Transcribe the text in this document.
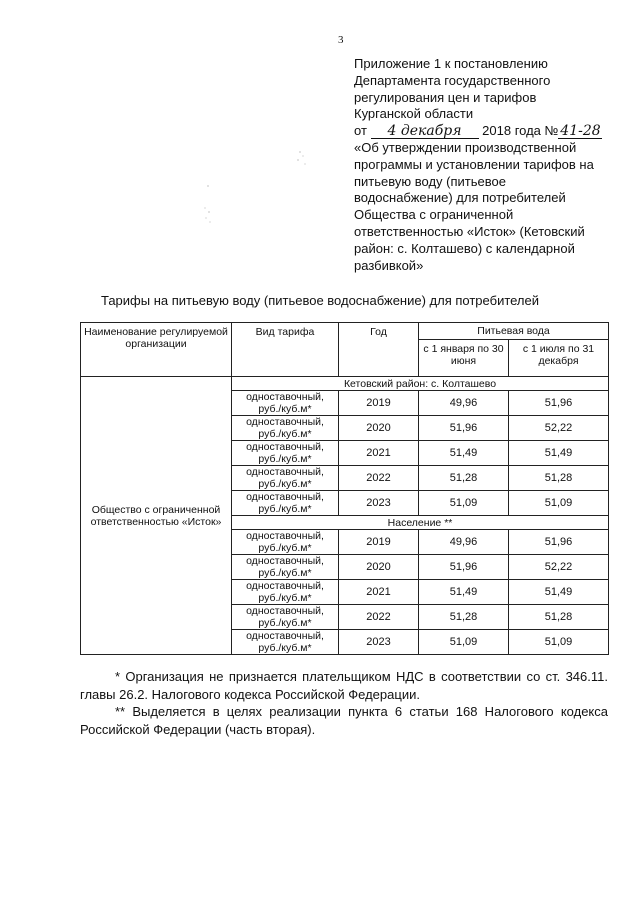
3
Приложение 1 к постановлению
Департамента государственного
регулирования цен и тарифов
Курганской области
от 4 декабря 2018 года № 41-28
«Об утверждении производственной
программы и установлении тарифов на
питьевую воду (питьевое
водоснабжение) для потребителей
Общества с ограниченной
ответственностью «Исток» (Кетовский
район: с. Колташево) с календарной
разбивкой»
Тарифы на питьевую воду (питьевое водоснабжение) для потребителей
Наименование регулируемой организации	Вид тарифа	Год	Питьевая вода	
			с 1 января по 30 июня	с 1 июля по 31 декабря
Общество с ограниченной ответственностью «Исток»	Кетовский район: с. Колташево			
	одноставочный, руб./куб.м*	2019	49,96	51,96
	одноставочный, руб./куб.м*	2020	51,96	52,22
	одноставочный, руб./куб.м*	2021	51,49	51,49
	одноставочный, руб./куб.м*	2022	51,28	51,28
	одноставочный, руб./куб.м*	2023	51,09	51,09
	Население **			
	одноставочный, руб./куб.м*	2019	49,96	51,96
	одноставочный, руб./куб.м*	2020	51,96	52,22
	одноставочный, руб./куб.м*	2021	51,49	51,49
	одноставочный, руб./куб.м*	2022	51,28	51,28
	одноставочный, руб./куб.м*	2023	51,09	51,09

* Организация не признается плательщиком НДС в соответствии со ст. 346.11. главы 26.2. Налогового кодекса Российской Федерации.

** Выделяется в целях реализации пункта 6 статьи 168 Налогового кодекса Российской Федерации (часть вторая).
